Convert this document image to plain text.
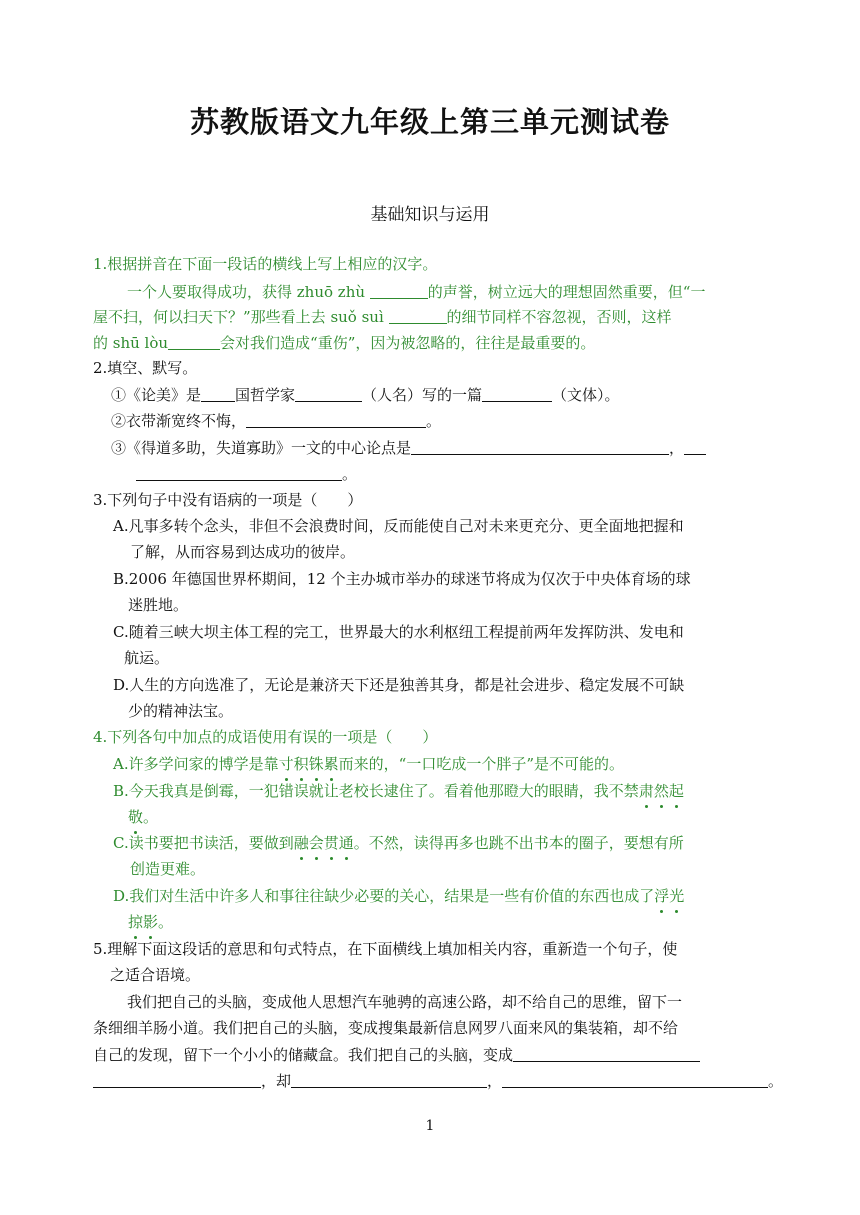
苏教版语文九年级上第三单元测试卷
基础知识与运用
1.根据拼音在下面一段话的横线上写上相应的汉字。
一个人要取得成功，获得 zhuō zhù	的声誉，树立远大的理想固然重要，但“一
屋不扫，何以扫天下？”那些看上去 suǒ suì	的细节同样不容忽视，否则，这样
的 shū lòu	会对我们造成“重伤”，因为被忽略的，往往是最重要的。
2.填空、默写。
①《论美》是 国哲学家	（人名）写的一篇	（文体）。
②衣带渐宽终不悔，	。
③《得道多助，失道寡助》一文的中心论点是	，
。
3.下列句子中没有语病的一项是（　　）
A.凡事多转个念头，非但不会浪费时间，反而能使自己对未来更充分、更全面地把握和
了解，从而容易到达成功的彼岸。
B.2006 年德国世界杯期间，12 个主办城市举办的球迷节将成为仅次于中央体育场的球
迷胜地。
C.随着三峡大坝主体工程的完工，世界最大的水利枢纽工程提前两年发挥防洪、发电和
航运。
D.人生的方向选准了，无论是兼济天下还是独善其身，都是社会进步、稳定发展不可缺
少的精神法宝。
4.下列各句中加点的成语使用有误的一项是（　　）
A.许多学问家的博学是靠寸积铢累而来的，“一口吃成一个胖子”是不可能的。
B.今天我真是倒霉，一犯错误就让老校长逮住了。看着他那瞪大的眼睛，我不禁肃然起
敬。
C.读书要把书读活，要做到融会贯通。不然，读得再多也跳不出书本的圈子，要想有所
创造更难。
D.我们对生活中许多人和事往往缺少必要的关心，结果是一些有价值的东西也成了浮光
掠影。
5.理解下面这段话的意思和句式特点，在下面横线上填加相关内容，重新造一个句子，使
之适合语境。
我们把自己的头脑，变成他人思想汽车驰骋的高速公路，却不给自己的思维，留下一
条细细羊肠小道。我们把自己的头脑，变成搜集最新信息网罗八面来风的集装箱，却不给
自己的发现，留下一个小小的储藏盒。我们把自己的头脑，变成
，却	，	。
1
